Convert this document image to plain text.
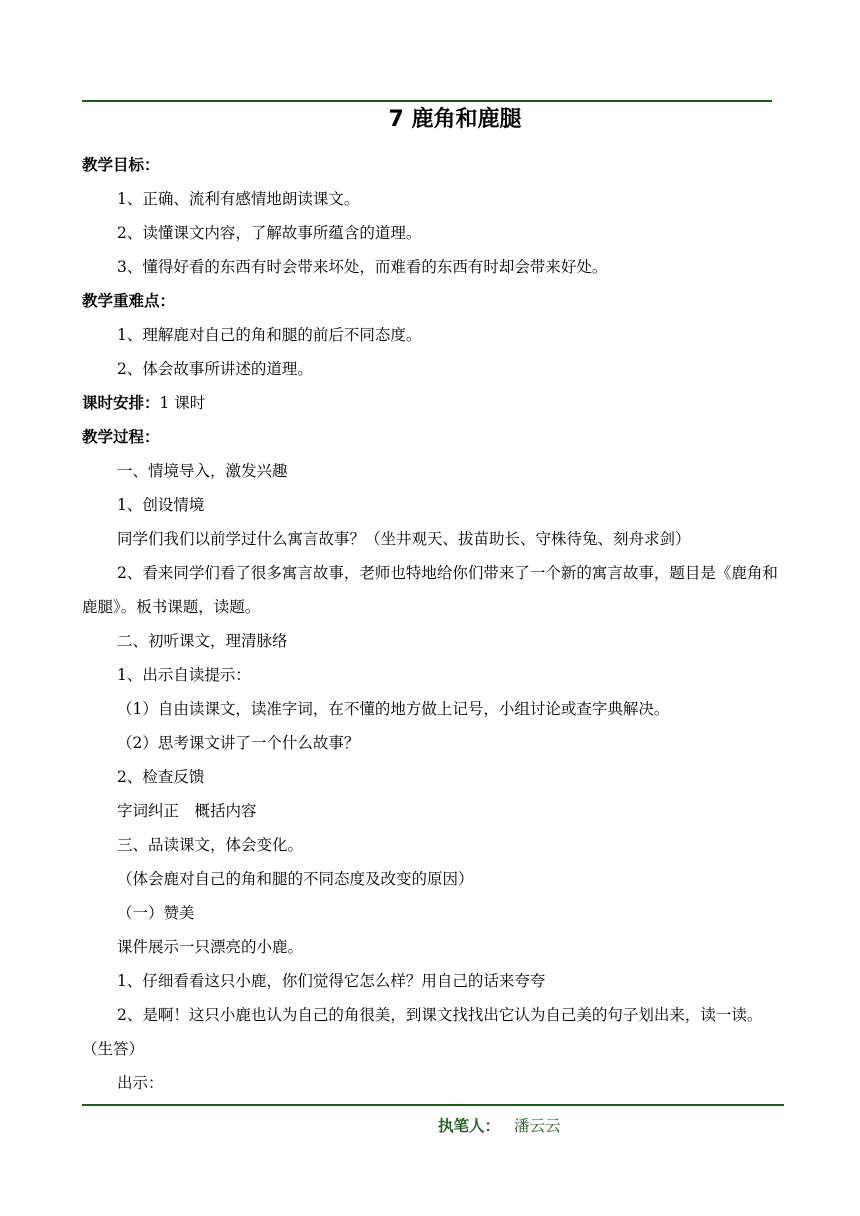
7 鹿角和鹿腿
教学目标：
1、正确、流利有感情地朗读课文。
2、读懂课文内容，了解故事所蕴含的道理。
3、懂得好看的东西有时会带来坏处，而难看的东西有时却会带来好处。
教学重难点：
1、理解鹿对自己的角和腿的前后不同态度。
2、体会故事所讲述的道理。
课时安排：1 课时
教学过程：
一、情境导入，激发兴趣
1、创设情境
同学们我们以前学过什么寓言故事？（坐井观天、拔苗助长、守株待兔、刻舟求剑）
2、看来同学们看了很多寓言故事，老师也特地给你们带来了一个新的寓言故事，题目是《鹿角和鹿腿》。板书课题，读题。
二、初听课文，理清脉络
1、出示自读提示：
（1）自由读课文，读准字词，在不懂的地方做上记号，小组讨论或查字典解决。
（2）思考课文讲了一个什么故事？
2、检查反馈
字词纠正　概括内容
三、品读课文，体会变化。
（体会鹿对自己的角和腿的不同态度及改变的原因）
（一）赞美
课件展示一只漂亮的小鹿。
1、仔细看看这只小鹿，你们觉得它怎么样？用自己的话来夸夸
2、是啊！这只小鹿也认为自己的角很美，到课文找找出它认为自己美的句子划出来，读一读。（生答）
出示：
执笔人： 潘云云
